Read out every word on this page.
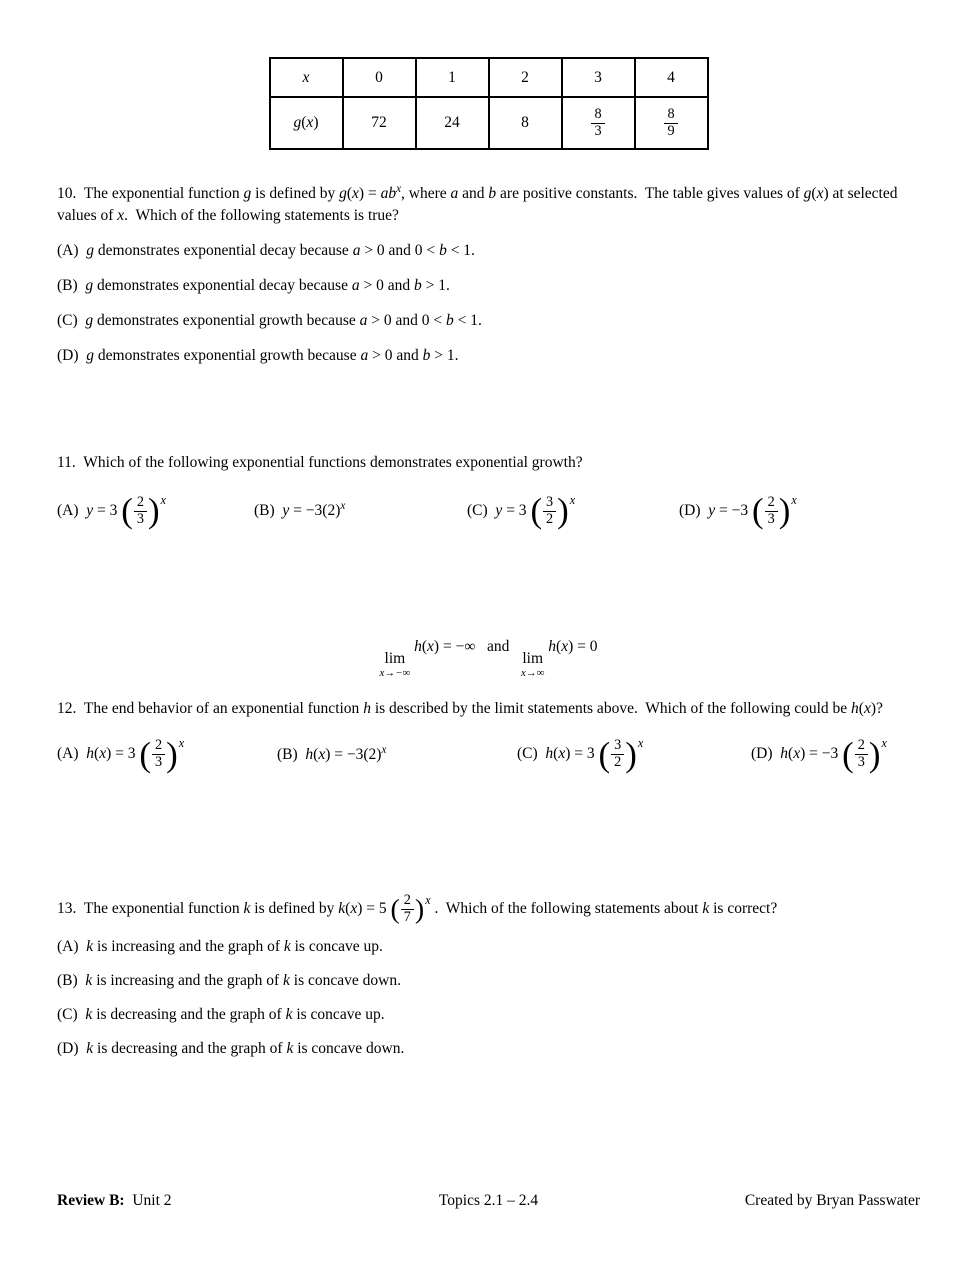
x	0	1	2	3	4
g(x)	72	24	8	$\frac{8}{3}$	$\frac{8}{9}$
10.  The exponential function g is defined by $g(x) = ab^x$, where a and b are positive constants.  The table gives values of g(x) at selected values of x.  Which of the following statements is true?
(A)  g demonstrates exponential decay because a > 0 and 0 < b < 1.
(B)  g demonstrates exponential decay because a > 0 and b > 1.
(C)  g demonstrates exponential growth because a > 0 and 0 < b < 1.
(D)  g demonstrates exponential growth because a > 0 and b > 1.
11.  Which of the following exponential functions demonstrates exponential growth?
(A)  y = 3 ( $\frac{2}{3}$ ) x
(B)  $y = -3(2)^x$	(C)  y = 3 ( $\frac{3}{2}$ ) x
(D)  y = −3 ( $\frac{2}{3}$ ) x
lim
x→−∞
h(x) = −∞   and
lim
x→∞
h(x) = 0
12.  The end behavior of an exponential function h is described by the limit statements above.  Which of the following could be h(x)?
(A)  h(x) = 3 ( $\frac{2}{3}$ ) x
(B)  $h(x) = -3(2)^x$	(C)  h(x) = 3 ( $\frac{3}{2}$ ) x
(D)  h(x) = −3 ( $\frac{2}{3}$ ) x
13.  The exponential function k is defined by k(x) = 5 ( $\frac{2}{7}$ ) x
.  Which of the following statements about k is correct?
(A)  k is increasing and the graph of k is concave up.
(B)  k is increasing and the graph of k is concave down.
(C)  k is decreasing and the graph of k is concave up.
(D)  k is decreasing and the graph of k is concave down.
Review B:  Unit 2	Topics 2.1 – 2.4	Created by Bryan Passwater
